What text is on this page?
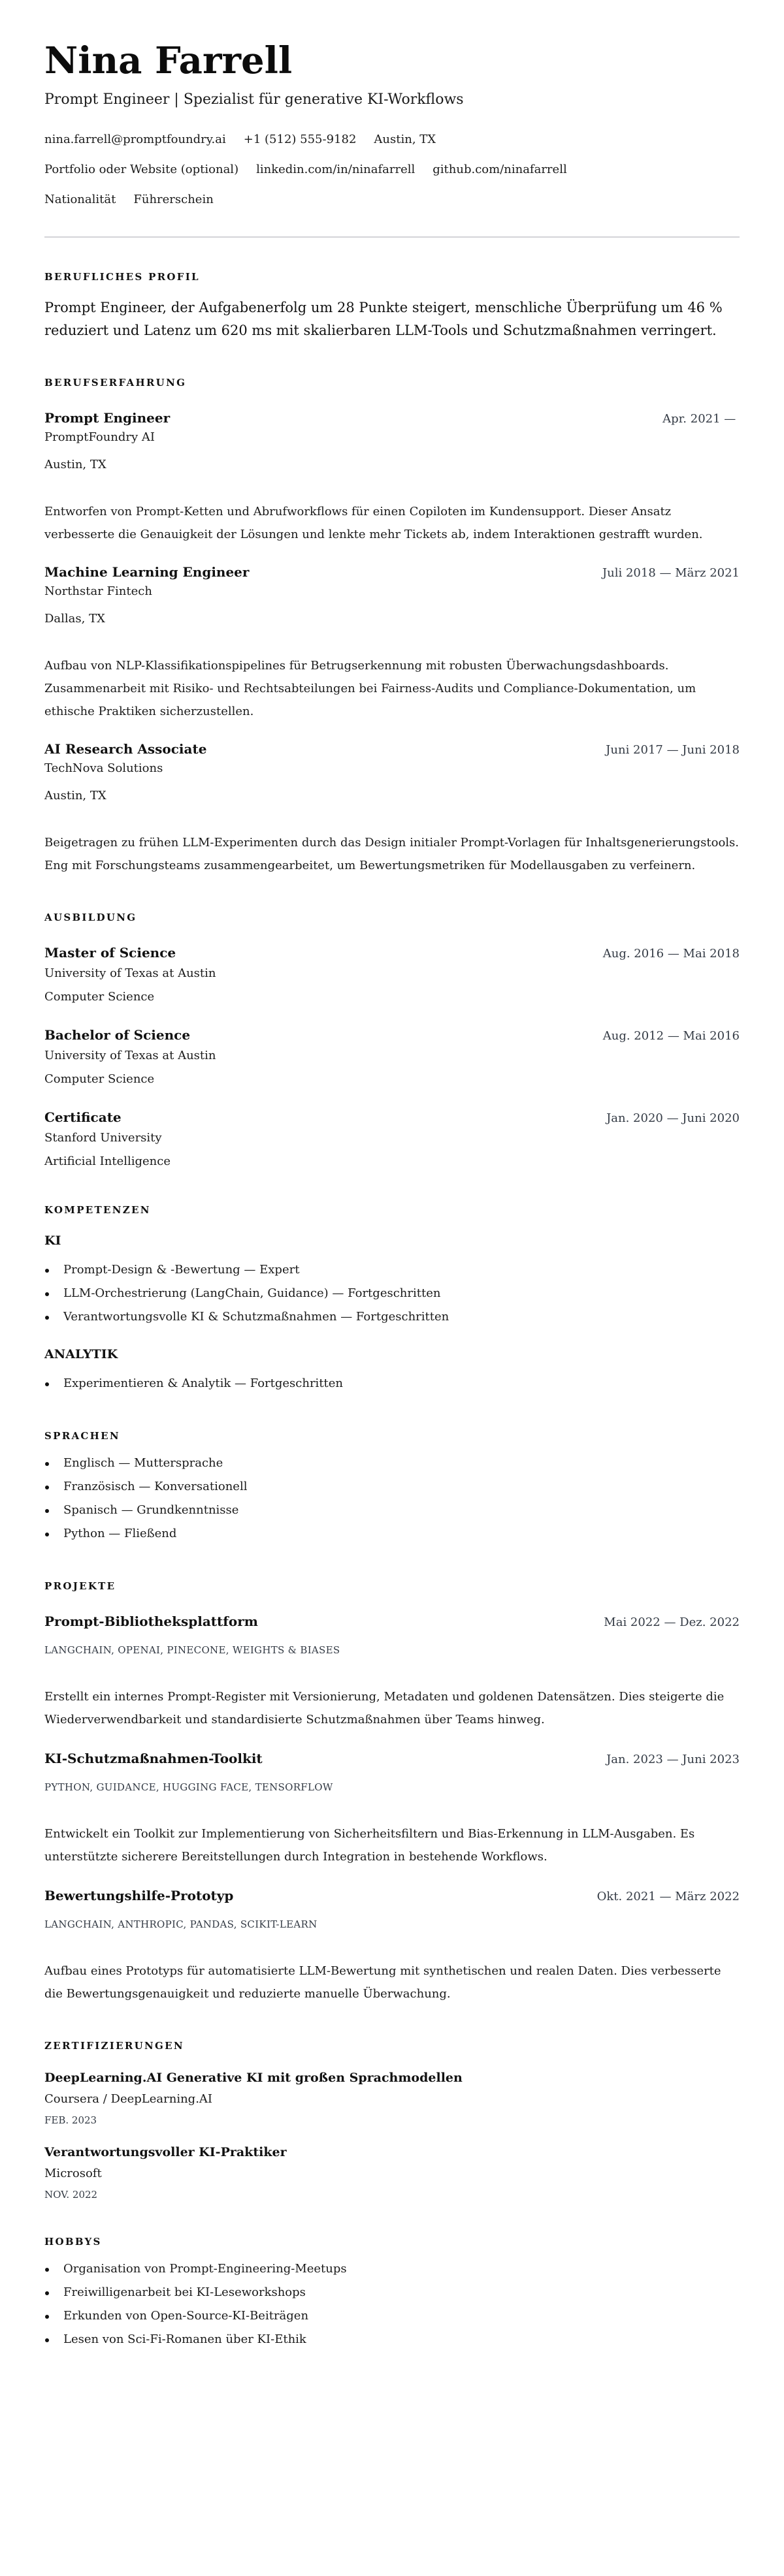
Nina Farrell
Prompt Engineer | Spezialist für generative KI-Workflows
nina.farrell@promptfoundry.ai +1 (512) 555-9182 Austin, TX
Portfolio oder Website (optional) linkedin.com/in/ninafarrell github.com/ninafarrell
Nationalität Führerschein
BERUFLICHES PROFIL

Prompt Engineer, der Aufgabenerfolg um 28 Punkte steigert, menschliche Überprüfung um 46 % reduziert und Latenz um 620 ms mit skalierbaren LLM-Tools und Schutzmaßnahmen verringert.

BERUFSERFAHRUNG
Prompt Engineer	Apr. 2021 —
PromptFoundry AI
Austin, TX
Entworfen von Prompt-Ketten und Abrufworkflows für einen Copiloten im Kundensupport. Dieser Ansatz verbesserte die Genauigkeit der Lösungen und lenkte mehr Tickets ab, indem Interaktionen gestrafft wurden.
Machine Learning Engineer	Juli 2018 — März 2021
Northstar Fintech
Dallas, TX
Aufbau von NLP-Klassifikationspipelines für Betrugserkennung mit robusten Überwachungsdashboards. Zusammenarbeit mit Risiko- und Rechtsabteilungen bei Fairness-Audits und Compliance-Dokumentation, um ethische Praktiken sicherzustellen.
AI Research Associate	Juni 2017 — Juni 2018
TechNova Solutions
Austin, TX
Beigetragen zu frühen LLM-Experimenten durch das Design initialer Prompt-Vorlagen für Inhaltsgenerierungstools. Eng mit Forschungsteams zusammengearbeitet, um Bewertungsmetriken für Modellausgaben zu verfeinern.
AUSBILDUNG
Master of Science	Aug. 2016 — Mai 2018
University of Texas at Austin
Computer Science
Bachelor of Science	Aug. 2012 — Mai 2016
University of Texas at Austin
Computer Science
Certificate	Jan. 2020 — Juni 2020
Stanford University
Artificial Intelligence
KOMPETENZEN
KI
Prompt-Design & -Bewertung — Expert
LLM-Orchestrierung (LangChain, Guidance) — Fortgeschritten
Verantwortungsvolle KI & Schutzmaßnahmen — Fortgeschritten
ANALYTIK
Experimentieren & Analytik — Fortgeschritten
SPRACHEN
Englisch — Muttersprache
Französisch — Konversationell
Spanisch — Grundkenntnisse
Python — Fließend
PROJEKTE
Prompt-Bibliotheksplattform	Mai 2022 — Dez. 2022
LANGCHAIN, OPENAI, PINECONE, WEIGHTS & BIASES
Erstellt ein internes Prompt-Register mit Versionierung, Metadaten und goldenen Datensätzen. Dies steigerte die Wiederverwendbarkeit und standardisierte Schutzmaßnahmen über Teams hinweg.
KI-Schutzmaßnahmen-Toolkit	Jan. 2023 — Juni 2023
PYTHON, GUIDANCE, HUGGING FACE, TENSORFLOW
Entwickelt ein Toolkit zur Implementierung von Sicherheitsfiltern und Bias-Erkennung in LLM-Ausgaben. Es unterstützte sicherere Bereitstellungen durch Integration in bestehende Workflows.
Bewertungshilfe-Prototyp	Okt. 2021 — März 2022
LANGCHAIN, ANTHROPIC, PANDAS, SCIKIT-LEARN
Aufbau eines Prototyps für automatisierte LLM-Bewertung mit synthetischen und realen Daten. Dies verbesserte die Bewertungsgenauigkeit und reduzierte manuelle Überwachung.
ZERTIFIZIERUNGEN
DeepLearning.AI Generative KI mit großen Sprachmodellen
Coursera / DeepLearning.AI
FEB. 2023
Verantwortungsvoller KI-Praktiker
Microsoft
NOV. 2022
HOBBYS
Organisation von Prompt-Engineering-Meetups
Freiwilligenarbeit bei KI-Leseworkshops
Erkunden von Open-Source-KI-Beiträgen
Lesen von Sci-Fi-Romanen über KI-Ethik
